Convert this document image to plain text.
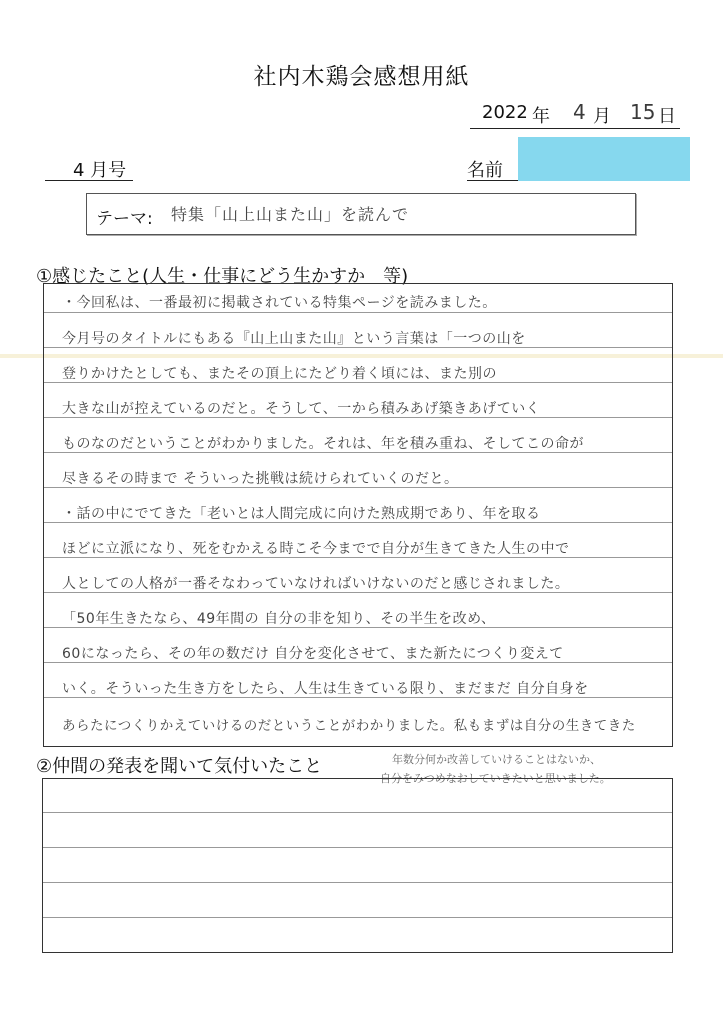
社内木鶏会感想用紙
2022 年 4 月 15 日
4 月号	名前
テーマ: 特集「山上山また山」を読んで
①感じたこと(人生・仕事にどう生かすか　等)
・今回私は、一番最初に掲載されている特集ページを読みました。
今月号のタイトルにもある『山上山また山』という言葉は「一つの山を
登りかけたとしても、またその頂上にたどり着く頃には、また別の
大きな山が控えているのだと。そうして、一から積みあげ築きあげていく
ものなのだということがわかりました。それは、年を積み重ね、そしてこの命が
尽きるその時まで そういった挑戦は続けられていくのだと。
・話の中にでてきた「老いとは人間完成に向けた熟成期であり、年を取る
ほどに立派になり、死をむかえる時こそ今までで自分が生きてきた人生の中で
人としての人格が一番そなわっていなければいけないのだと感じされました。
「50年生きたなら、49年間の 自分の非を知り、その半生を改め、
60になったら、その年の数だけ 自分を変化させて、また新たにつくり変えて
いく。そういった生き方をしたら、人生は生きている限り、まだまだ 自分自身を
あらたにつくりかえていけるのだということがわかりました。私もまずは自分の生きてきた
②仲間の発表を聞いて気付いたこと	年数分何か改善していけることはないか、
自分をみつめなおしていきたいと思いました。
